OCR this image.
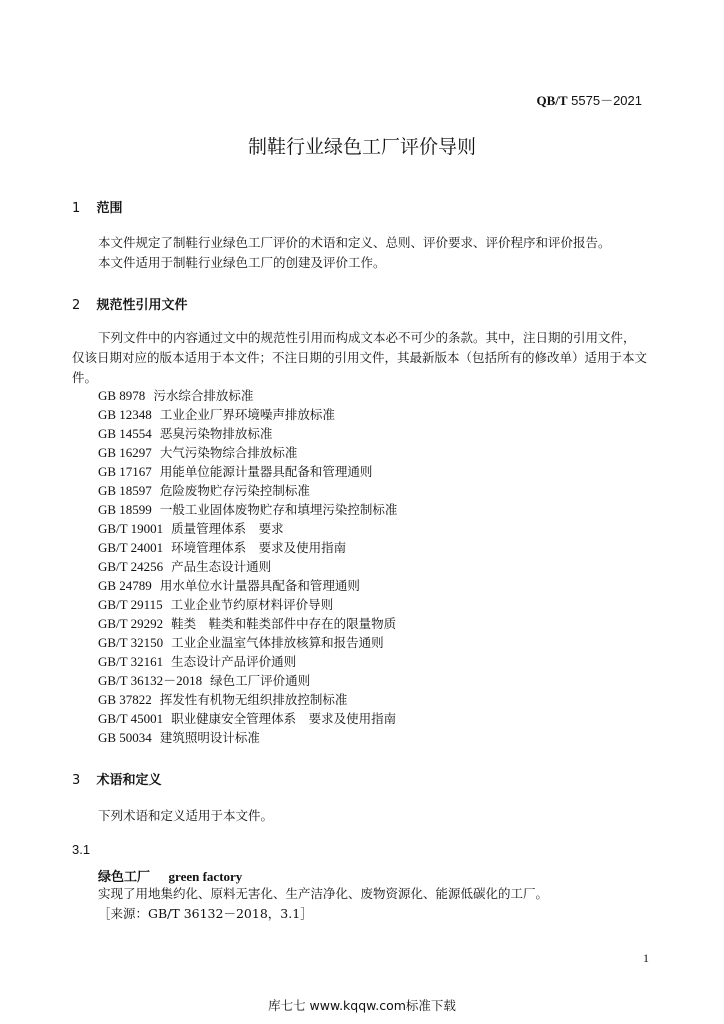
QB/T 5575－2021
制鞋行业绿色工厂评价导则
1 范围
本文件规定了制鞋行业绿色工厂评价的术语和定义、总则、评价要求、评价程序和评价报告。
本文件适用于制鞋行业绿色工厂的创建及评价工作。
2 规范性引用文件
下列文件中的内容通过文中的规范性引用而构成文本必不可少的条款。其中，注日期的引用文件，仅该日期对应的版本适用于本文件；不注日期的引用文件，其最新版本（包括所有的修改单）适用于本文件。
GB 8978 污水综合排放标准
GB 12348 工业企业厂界环境噪声排放标准
GB 14554 恶臭污染物排放标准
GB 16297 大气污染物综合排放标准
GB 17167 用能单位能源计量器具配备和管理通则
GB 18597 危险废物贮存污染控制标准
GB 18599 一般工业固体废物贮存和填埋污染控制标准
GB/T 19001 质量管理体系　要求
GB/T 24001 环境管理体系　要求及使用指南
GB/T 24256 产品生态设计通则
GB 24789 用水单位水计量器具配备和管理通则
GB/T 29115 工业企业节约原材料评价导则
GB/T 29292 鞋类　鞋类和鞋类部件中存在的限量物质
GB/T 32150 工业企业温室气体排放核算和报告通则
GB/T 32161 生态设计产品评价通则
GB/T 36132－2018 绿色工厂评价通则
GB 37822 挥发性有机物无组织排放控制标准
GB/T 45001 职业健康安全管理体系　要求及使用指南
GB 50034 建筑照明设计标准
3 术语和定义
下列术语和定义适用于本文件。
3.1
绿色工厂 green factory
实现了用地集约化、原料无害化、生产洁净化、废物资源化、能源低碳化的工厂。
［来源：GB/T 36132－2018，3.1］
1
库七七 www.kqqw.com标准下载
